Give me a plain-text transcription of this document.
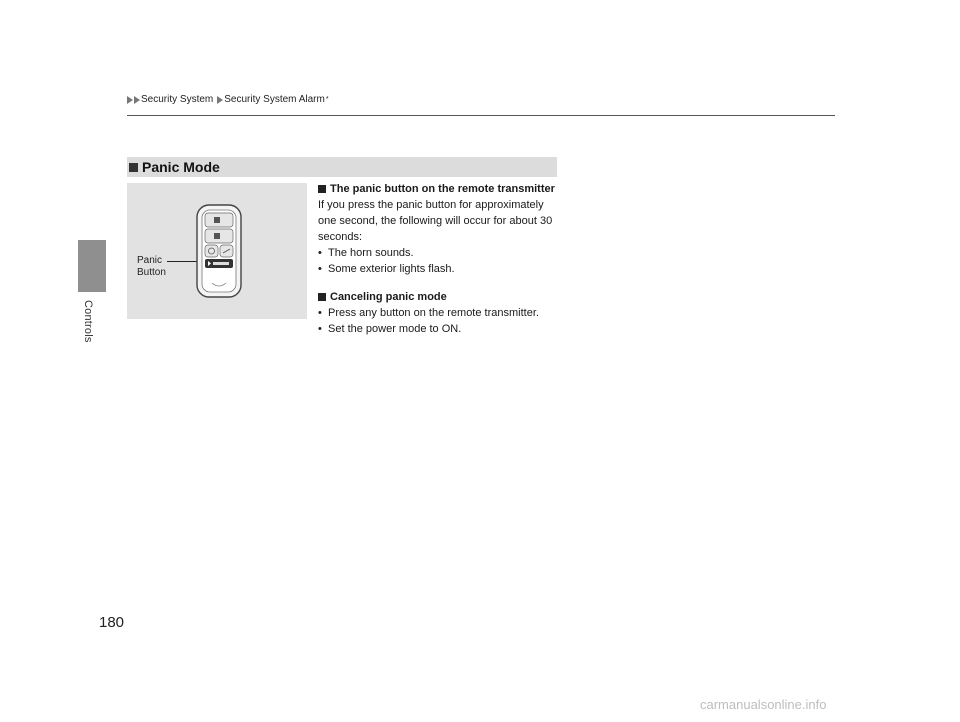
Controls
Security System Security System Alarm *
Panic Mode
Panic
Button
The panic button on the remote transmitter

If you press the panic button for approximately one second, the following will occur for about 30 seconds:

• The horn sounds.
• Some exterior lights flash.
Canceling panic mode
• Press any button on the remote transmitter.
• Set the power mode to ON.
180
carmanualsonline.info
